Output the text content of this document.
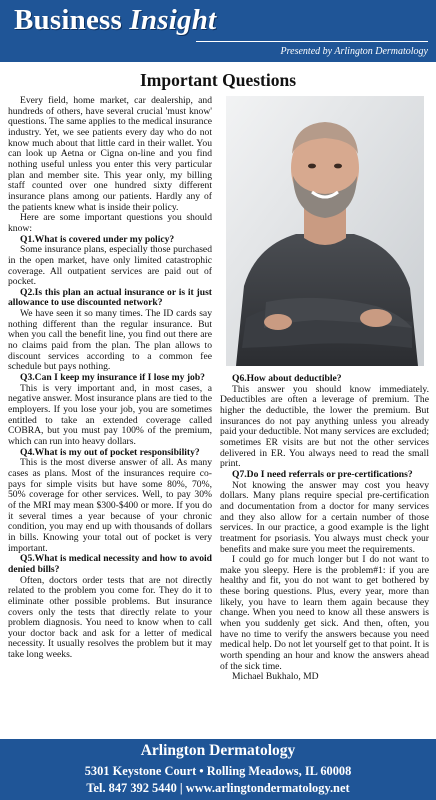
Business Insight
Presented by Arlington Dermatology
Important Questions

Every field, home market, car dealership, and hundreds of others, have several crucial 'must know' questions. The same applies to the medical insurance industry. Yet, we see patients every day who do not know much about that little card in their wallet. You can look up Aetna or Cigna on-line and you find nothing useful unless you enter this very particular plan and member site. This year only, my billing staff counted over one hundred sixty different insurance plans among our patients. Hardly any of the patients knew what is inside their policy.

Here are some important questions you should know:

Q1.What is covered under my policy?

Some insurance plans, especially those purchased in the open market, have only limited catastrophic coverage. All outpatient services are paid out of pocket.

Q2.Is this plan an actual insurance or is it just allowance to use discounted network?

We have seen it so many times. The ID cards say nothing different than the regular insurance. But when you call the benefit line, you find out there are no claims paid from the plan. The plan allows to discount services according to a common fee schedule but pays nothing.

Q3.Can I keep my insurance if I lose my job?

This is very important and, in most cases, a negative answer. Most insurance plans are tied to the employers. If you lose your job, you are sometimes entitled to take an extended coverage called COBRA, but you must pay 100% of the premium, which can run into heavy dollars.

Q4.What is my out of pocket responsibility?

This is the most diverse answer of all. As many cases as plans. Most of the insurances require co-pays for simple visits but have some 80%, 70%, 50% coverage for other services. Well, to pay 30% of the MRI may mean $300-$400 or more. If you do it several times a year because of your chronic condition, you may end up with thousands of dollars in bills. Knowing your total out of pocket is very important.

Q5.What is medical necessity and how to avoid denied bills?

Often, doctors order tests that are not directly related to the problem you come for. They do it to eliminate other possible problems. But insurance covers only the tests that directly relate to your problem diagnosis. You need to know when to call your doctor back and ask for a letter of medical necessity. It usually resolves the problem but it may take long weeks.

Q6.How about deductible?

This answer you should know immediately. Deductibles are often a leverage of premium. The higher the deductible, the lower the premium. But insurances do not pay anything unless you already paid your deductible. Not many services are excluded; sometimes ER visits are but not the other services delivered in ER. You always need to read the small print.

Q7.Do I need referrals or pre-certifications?

Not knowing the answer may cost you heavy dollars. Many plans require special pre-certification and documentation from a doctor for many services and they also allow for a certain number of those services. In our practice, a good example is the light treatment for psoriasis. You always must check your benefits and make sure you meet the requirements.

I could go for much longer but I do not want to make you sleepy. Here is the problem#1: if you are healthy and fit, you do not want to get bothered by these boring questions. Plus, every year, more than likely, you have to learn them again because they change. When you need to know all these answers is when you suddenly get sick. And then, often, you have no time to verify the answers because you need medical help. Do not let yourself get to that point. It is worth spending an hour and know the answers ahead of the sick time.

Michael Bukhalo, MD

Arlington Dermatology
5301 Keystone Court • Rolling Meadows, IL 60008
Tel. 847 392 5440 | www.arlingtondermatology.net
